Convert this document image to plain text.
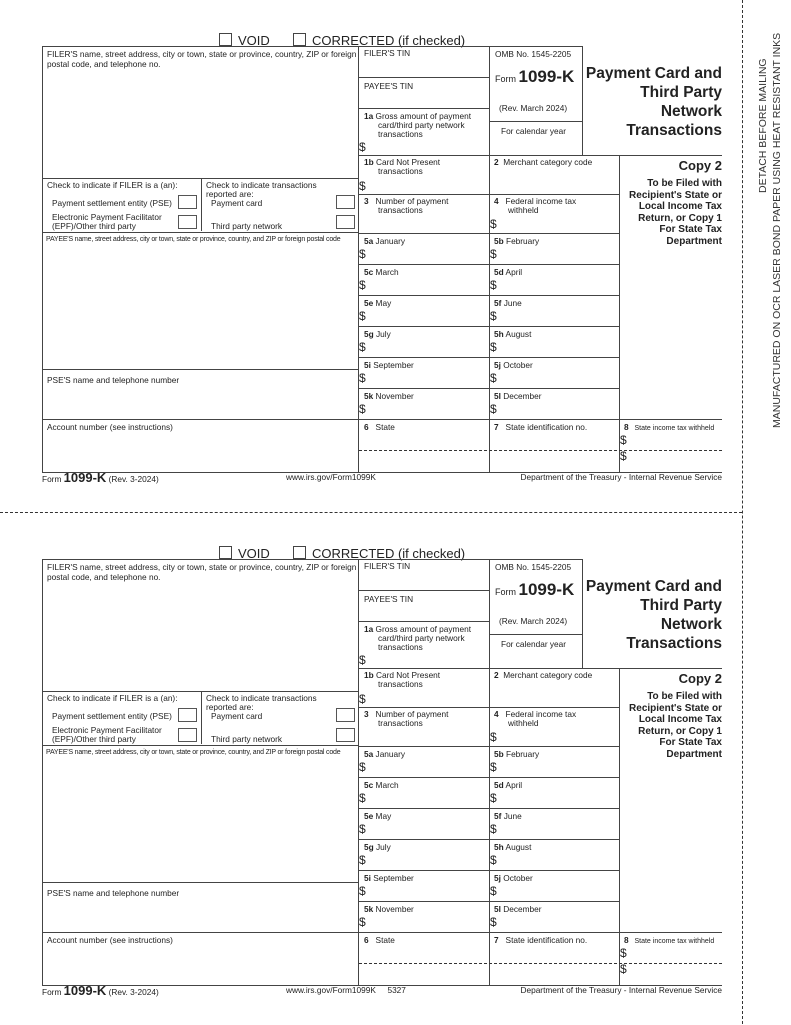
DETACH BEFORE MAILING MANUFACTURED ON OCR LASER BOND PAPER USING HEAT RESISTANT INKS
VOID	CORRECTED (if checked)
FILER'S name, street address, city or town, state or province, country, ZIP or foreign postal code, and telephone no.
Check to indicate if FILER is a (an):
Payment settlement entity (PSE)
Electronic Payment Facilitator (EPF)/Other third party
Check to indicate transactions reported are:
Payment card
Third party network
PAYEE'S name, street address, city or town, state or province, country, and ZIP or foreign postal code
PSE'S name and telephone number
Account number (see instructions)
FILER'S TIN
PAYEE'S TIN
1a Gross amount of payment card/third party network transactions
$
OMB No. 1545-2205
Form 1099-K
(Rev. March 2024)
For calendar year
Payment Card and Third Party Network Transactions
1b Card Not Present transactions
$
2 Merchant category code
3 Number of payment transactions
4 Federal income tax withheld
$
Copy 2
To be Filed with Recipient's State or Local Income Tax Return, or Copy 1 For State Tax Department
5a January
$
5b February
$
5c March
$
5d April
$
5e May
$
5f June
$
5g July
$
5h August
$
5i September
$
5j October
$
5k November
$
5l December
$
6 State	7 State identification no.	8 State income tax withheld
$
$
Form 1099-K (Rev. 3-2024)	www.irs.gov/Form1099K	Department of the Treasury - Internal Revenue Service
VOID	CORRECTED (if checked)
FILER'S name, street address, city or town, state or province, country, ZIP or foreign postal code, and telephone no.
Check to indicate if FILER is a (an):
Payment settlement entity (PSE)
Electronic Payment Facilitator (EPF)/Other third party
Check to indicate transactions reported are:
Payment card
Third party network
PAYEE'S name, street address, city or town, state or province, country, and ZIP or foreign postal code
PSE'S name and telephone number
Account number (see instructions)
FILER'S TIN
PAYEE'S TIN
1a Gross amount of payment card/third party network transactions
$
OMB No. 1545-2205
Form 1099-K
(Rev. March 2024)
For calendar year
Payment Card and Third Party Network Transactions
1b Card Not Present transactions
$
2 Merchant category code
3 Number of payment transactions
4 Federal income tax withheld
$
Copy 2
To be Filed with Recipient's State or Local Income Tax Return, or Copy 1 For State Tax Department
5a January
$
5b February
$
5c March
$
5d April
$
5e May
$
5f June
$
5g July
$
5h August
$
5i September
$
5j October
$
5k November
$
5l December
$
6 State	7 State identification no.	8 State income tax withheld
$
$
Form 1099-K (Rev. 3-2024)	www.irs.gov/Form1099K 5327	Department of the Treasury - Internal Revenue Service
